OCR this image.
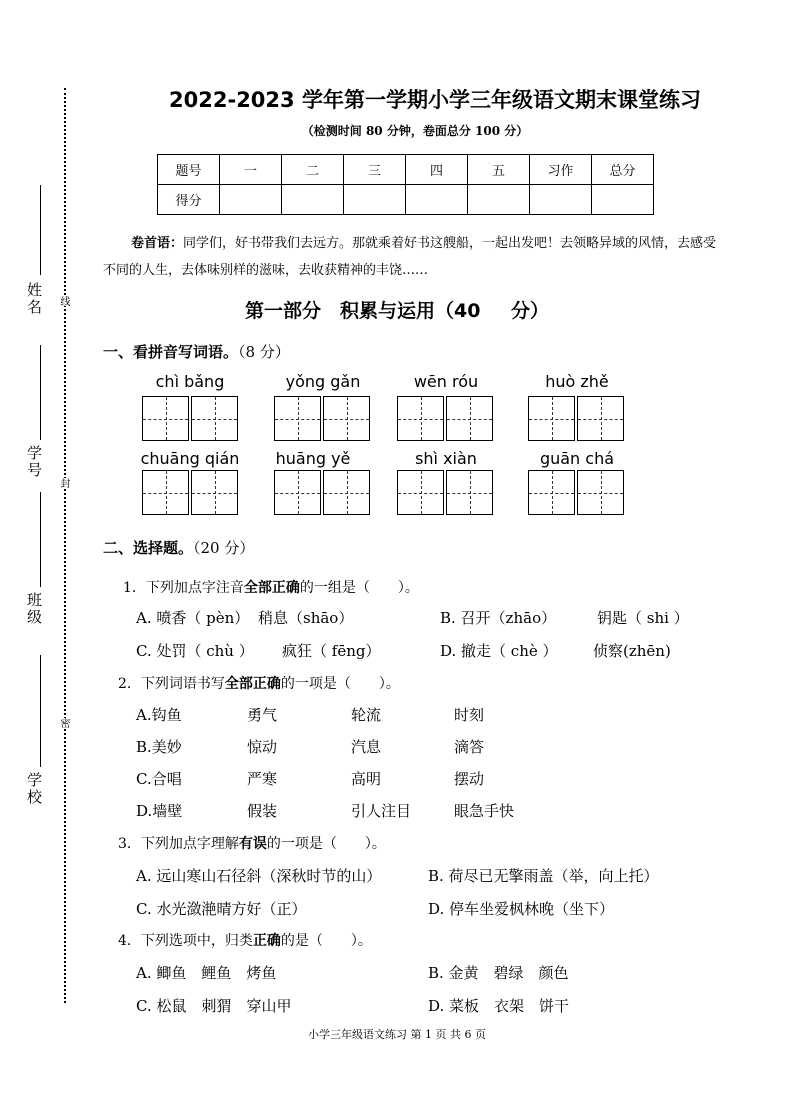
姓名
学号
班级
学校
线
封
密
2022-2023 学年第一学期小学三年级语文期末课堂练习
（检测时间 80 分钟，卷面总分 100 分）
题号	一	二	三	四	五	习作	总分
得分							
卷首语：同学们，好书带我们去远方。那就乘着好书这艘船，一起出发吧！去领略异域的风情，去感受不同的人生，去体味别样的滋味，去收获精神的丰饶……
第一部分　积累与运用（40 分）
一、看拼音写词语。（8 分）
chì bǎng	yǒng gǎn	wēn róu	huò zhě
chuāng qián	huāng yě	shì xiàn	guān chá
二、选择题。（20 分）
1．下列加点字注音全部正确的一组是（　　）。
A. 喷香（ pèn） 稍息（shāo）	B. 召开（zhāo）	钥匙（ shi ）
C. 处罚（ chù ） 疯狂（ fēng）	D. 撤走（ chè ） 侦察(zhēn)
2．下列词语书写全部正确的一项是（　　）。
A.钩鱼	勇气	轮流	时刻
B.美妙	惊动	汽息	滴答
C.合唱	严寒	高明	摆动
D.墙壁	假装	引人注目	眼急手快
3．下列加点字理解有误的一项是（　　）。
A. 远山寒山石径斜（深秋时节的山）	B. 荷尽已无擎雨盖（举，向上托）
C. 水光潋滟晴方好（正）	D. 停车坐爱枫林晚（坐下）
4．下列选项中，归类正确的是（　　）。
A. 鲫鱼　鲤鱼　烤鱼	B. 金黄　碧绿　颜色
C. 松鼠　刺猬　穿山甲	D. 菜板　衣架　饼干
小学三年级语文练习 第 1 页 共 6 页
